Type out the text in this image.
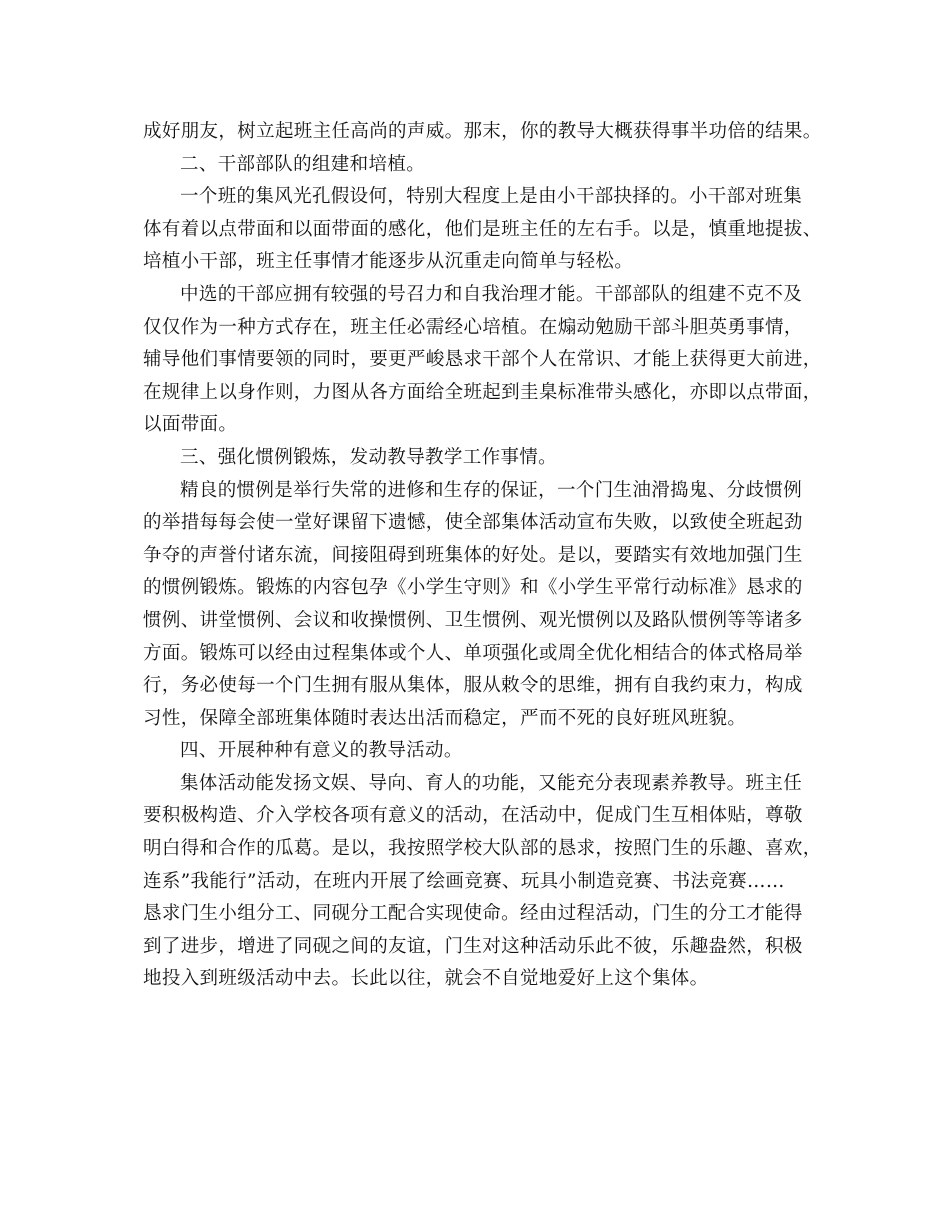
成好朋友，树立起班主任高尚的声威。那末，你的教导大概获得事半功倍的结果。
二、干部部队的组建和培植。
一个班的集风光孔假设何，特别大程度上是由小干部抉择的。小干部对班集
体有着以点带面和以面带面的感化，他们是班主任的左右手。以是，慎重地提拔、
培植小干部，班主任事情才能逐步从沉重走向简单与轻松。
中选的干部应拥有较强的号召力和自我治理才能。干部部队的组建不克不及
仅仅作为一种方式存在，班主任必需经心培植。在煽动勉励干部斗胆英勇事情，
辅导他们事情要领的同时，要更严峻恳求干部个人在常识、才能上获得更大前进，
在规律上以身作则，力图从各方面给全班起到圭臬标准带头感化，亦即以点带面，
以面带面。
三、强化惯例锻炼，发动教导教学工作事情。
精良的惯例是举行失常的进修和生存的保证，一个门生油滑捣鬼、分歧惯例
的举措每每会使一堂好课留下遗憾，使全部集体活动宣布失败，以致使全班起劲
争夺的声誉付诸东流，间接阻碍到班集体的好处。是以，要踏实有效地加强门生
的惯例锻炼。锻炼的内容包孕《小学生守则》和《小学生平常行动标准》恳求的
惯例、讲堂惯例、会议和收操惯例、卫生惯例、观光惯例以及路队惯例等等诸多
方面。锻炼可以经由过程集体或个人、单项强化或周全优化相结合的体式格局举
行，务必使每一个门生拥有服从集体，服从敕令的思维，拥有自我约束力，构成
习性，保障全部班集体随时表达出活而稳定，严而不死的良好班风班貌。
四、开展种种有意义的教导活动。
集体活动能发扬文娱、导向、育人的功能，又能充分表现素养教导。班主任
要积极构造、介入学校各项有意义的活动，在活动中，促成门生互相体贴，尊敬
明白得和合作的瓜葛。是以，我按照学校大队部的恳求，按照门生的乐趣、喜欢，
连系”我能行”活动，在班内开展了绘画竞赛、玩具小制造竞赛、书法竞赛……
恳求门生小组分工、同砚分工配合实现使命。经由过程活动，门生的分工才能得
到了进步，增进了同砚之间的友谊，门生对这种活动乐此不彼，乐趣盎然，积极
地投入到班级活动中去。长此以往，就会不自觉地爱好上这个集体。
